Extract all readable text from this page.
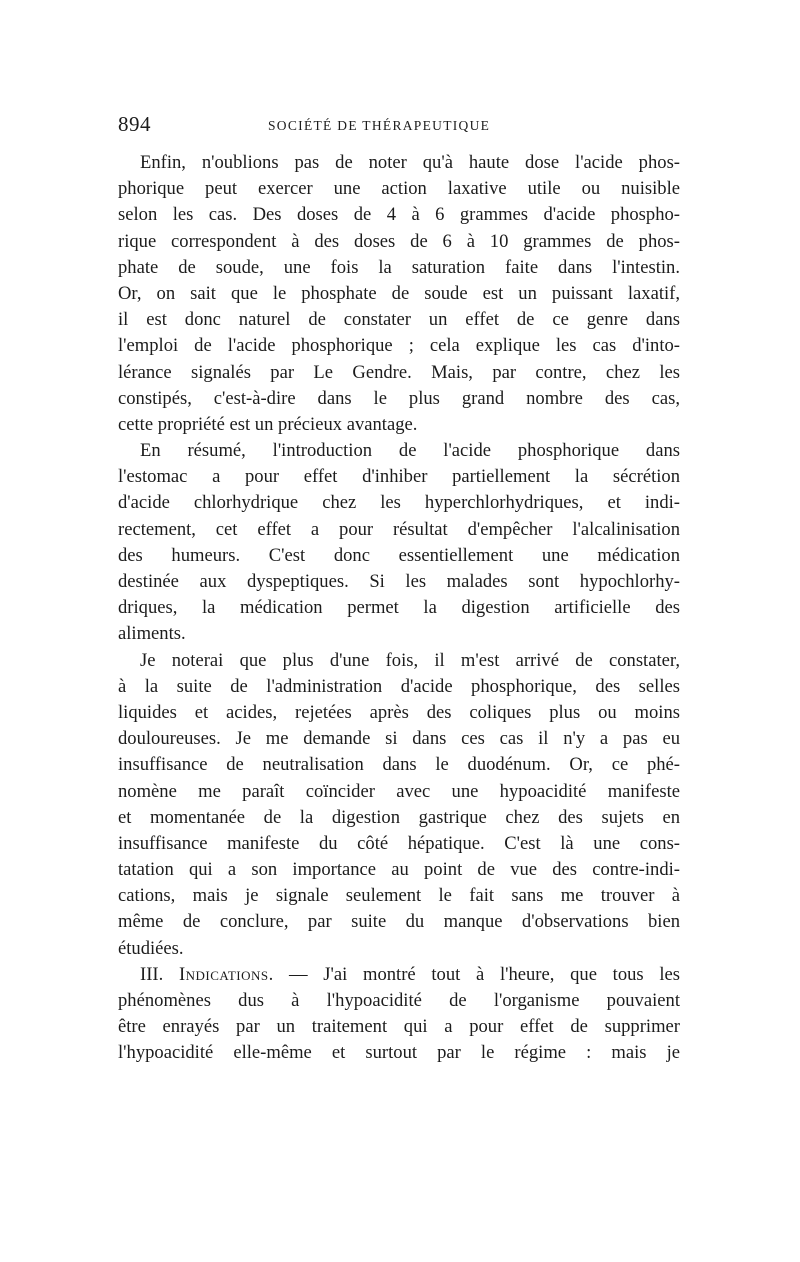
894	SOCIÉTÉ DE THÉRAPEUTIQUE
Enfin, n'oublions pas de noter qu'à haute dose l'acide phos-
phorique peut exercer une action laxative utile ou nuisible
selon les cas. Des doses de 4 à 6 grammes d'acide phospho-
rique correspondent à des doses de 6 à 10 grammes de phos-
phate de soude, une fois la saturation faite dans l'intestin.
Or, on sait que le phosphate de soude est un puissant laxatif,
il est donc naturel de constater un effet de ce genre dans
l'emploi de l'acide phosphorique ; cela explique les cas d'into-
lérance signalés par Le Gendre. Mais, par contre, chez les
constipés, c'est-à-dire dans le plus grand nombre des cas,
cette propriété est un précieux avantage.
En résumé, l'introduction de l'acide phosphorique dans
l'estomac a pour effet d'inhiber partiellement la sécrétion
d'acide chlorhydrique chez les hyperchlorhydriques, et indi-
rectement, cet effet a pour résultat d'empêcher l'alcalinisation
des humeurs. C'est donc essentiellement une médication
destinée aux dyspeptiques. Si les malades sont hypochlorhy-
driques, la médication permet la digestion artificielle des
aliments.
Je noterai que plus d'une fois, il m'est arrivé de constater,
à la suite de l'administration d'acide phosphorique, des selles
liquides et acides, rejetées après des coliques plus ou moins
douloureuses. Je me demande si dans ces cas il n'y a pas eu
insuffisance de neutralisation dans le duodénum. Or, ce phé-
nomène me paraît coïncider avec une hypoacidité manifeste
et momentanée de la digestion gastrique chez des sujets en
insuffisance manifeste du côté hépatique. C'est là une cons-
tatation qui a son importance au point de vue des contre-indi-
cations, mais je signale seulement le fait sans me trouver à
même de conclure, par suite du manque d'observations bien
étudiées.
III. Indications. — J'ai montré tout à l'heure, que tous les
phénomènes dus à l'hypoacidité de l'organisme pouvaient
être enrayés par un traitement qui a pour effet de supprimer
l'hypoacidité elle-même et surtout par le régime : mais je
